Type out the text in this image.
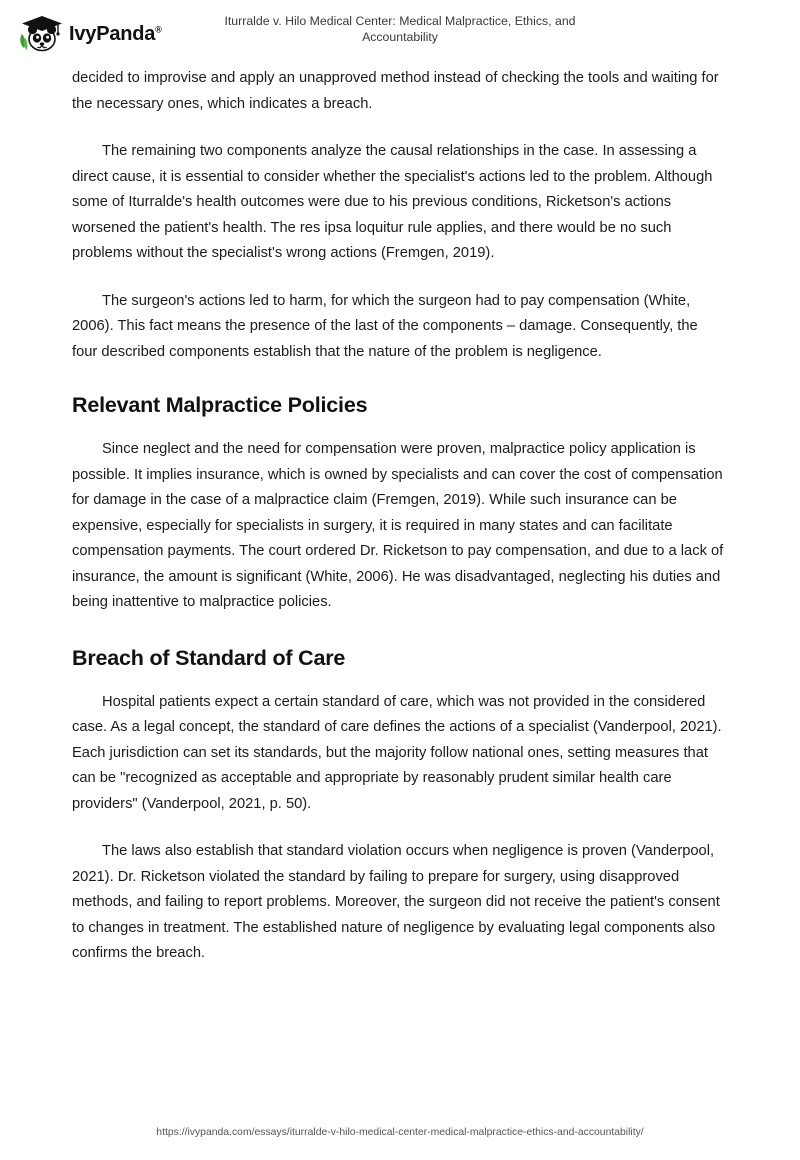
IvyPanda®
Iturralde v. Hilo Medical Center: Medical Malpractice, Ethics, and Accountability

decided to improvise and apply an unapproved method instead of checking the tools and waiting for the necessary ones, which indicates a breach.

The remaining two components analyze the causal relationships in the case. In assessing a direct cause, it is essential to consider whether the specialist's actions led to the problem. Although some of Iturralde's health outcomes were due to his previous conditions, Ricketson's actions worsened the patient's health. The res ipsa loquitur rule applies, and there would be no such problems without the specialist's wrong actions (Fremgen, 2019).

The surgeon's actions led to harm, for which the surgeon had to pay compensation (White, 2006). This fact means the presence of the last of the components – damage. Consequently, the four described components establish that the nature of the problem is negligence.

Relevant Malpractice Policies

Since neglect and the need for compensation were proven, malpractice policy application is possible. It implies insurance, which is owned by specialists and can cover the cost of compensation for damage in the case of a malpractice claim (Fremgen, 2019). While such insurance can be expensive, especially for specialists in surgery, it is required in many states and can facilitate compensation payments. The court ordered Dr. Ricketson to pay compensation, and due to a lack of insurance, the amount is significant (White, 2006). He was disadvantaged, neglecting his duties and being inattentive to malpractice policies.

Breach of Standard of Care

Hospital patients expect a certain standard of care, which was not provided in the considered case. As a legal concept, the standard of care defines the actions of a specialist (Vanderpool, 2021). Each jurisdiction can set its standards, but the majority follow national ones, setting measures that can be "recognized as acceptable and appropriate by reasonably prudent similar health care providers" (Vanderpool, 2021, p. 50).

The laws also establish that standard violation occurs when negligence is proven (Vanderpool, 2021). Dr. Ricketson violated the standard by failing to prepare for surgery, using disapproved methods, and failing to report problems. Moreover, the surgeon did not receive the patient's consent to changes in treatment. The established nature of negligence by evaluating legal components also confirms the breach.

https://ivypanda.com/essays/iturralde-v-hilo-medical-center-medical-malpractice-ethics-and-accountability/
